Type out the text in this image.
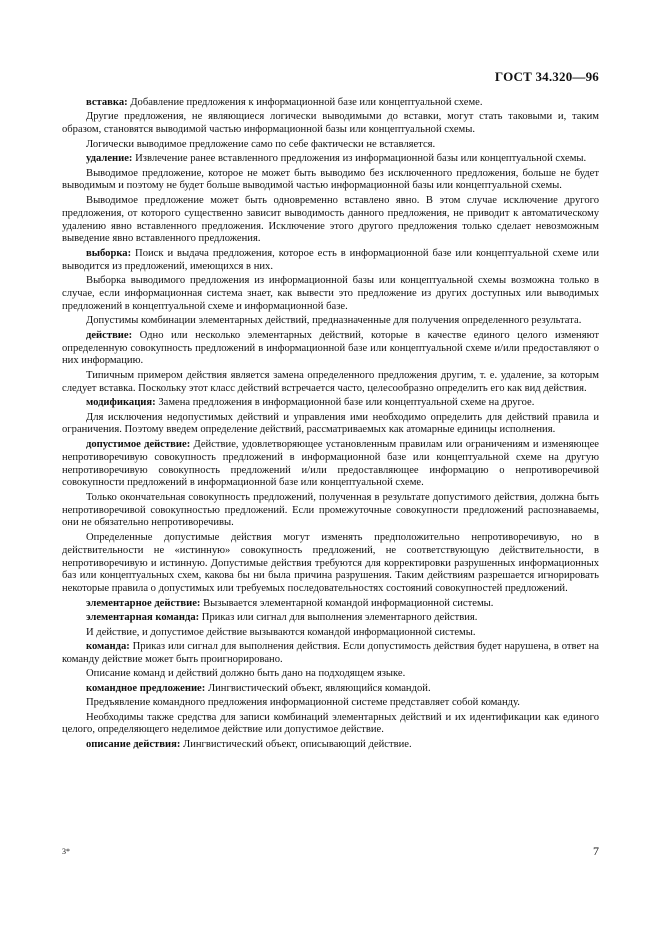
ГОСТ 34.320—96

вставка: Добавление предложения к информационной базе или концептуальной схеме.

Другие предложения, не являющиеся логически выводимыми до вставки, могут стать таковыми и, таким образом, становятся выводимой частью информационной базы или концептуальной схемы.

Логически выводимое предложение само по себе фактически не вставляется.

удаление: Извлечение ранее вставленного предложения из информационной базы или концептуальной схемы.

Выводимое предложение, которое не может быть выводимо без исключенного предложения, больше не будет выводимым и поэтому не будет больше выводимой частью информационной базы или концептуальной схемы.

Выводимое предложение может быть одновременно вставлено явно. В этом случае исключение другого предложения, от которого существенно зависит выводимость данного предложения, не приводит к автоматическому удалению явно вставленного предложения. Исключение этого другого предложения только сделает невозможным выведение явно вставленного предложения.

выборка: Поиск и выдача предложения, которое есть в информационной базе или концептуальной схеме или выводится из предложений, имеющихся в них.

Выборка выводимого предложения из информационной базы или концептуальной схемы возможна только в случае, если информационная система знает, как вывести это предложение из других доступных или выводимых предложений в концептуальной схеме и информационной базе.

Допустимы комбинации элементарных действий, предназначенные для получения определенного результата.

действие: Одно или несколько элементарных действий, которые в качестве единого целого изменяют определенную совокупность предложений в информационной базе или концептуальной схеме и/или предоставляют о них информацию.

Типичным примером действия является замена определенного предложения другим, т. е. удаление, за которым следует вставка. Поскольку этот класс действий встречается часто, целесообразно определить его как вид действия.

модификация: Замена предложения в информационной базе или концептуальной схеме на другое.

Для исключения недопустимых действий и управления ими необходимо определить для действий правила и ограничения. Поэтому введем определение действий, рассматриваемых как атомарные единицы исполнения.

допустимое действие: Действие, удовлетворяющее установленным правилам или ограничениям и изменяющее непротиворечивую совокупность предложений в информационной базе или концептуальной схеме на другую непротиворечивую совокупность предложений и/или предоставляющее информацию о непротиворечивой совокупности предложений в информационной базе или концептуальной схеме.

Только окончательная совокупность предложений, полученная в результате допустимого действия, должна быть непротиворечивой совокупностью предложений. Если промежуточные совокупности предложений распознаваемы, они не обязательно непротиворечивы.

Определенные допустимые действия могут изменять предположительно непротиворечивую, но в действительности не «истинную» совокупность предложений, не соответствующую действительности, в непротиворечивую и истинную. Допустимые действия требуются для корректировки разрушенных информационных баз или концептуальных схем, какова бы ни была причина разрушения. Таким действиям разрешается игнорировать некоторые правила о допустимых или требуемых последовательностях состояний совокупностей предложений.

элементарное действие: Вызывается элементарной командой информационной системы.

элементарная команда: Приказ или сигнал для выполнения элементарного действия.

И действие, и допустимое действие вызываются командой информационной системы.

команда: Приказ или сигнал для выполнения действия. Если допустимость действия будет нарушена, в ответ на команду действие может быть проигнорировано.

Описание команд и действий должно быть дано на подходящем языке.

командное предложение: Лингвистический объект, являющийся командой.

Предъявление командного предложения информационной системе представляет собой команду.

Необходимы также средства для записи комбинаций элементарных действий и их идентификации как единого целого, определяющего неделимое действие или допустимое действие.

описание действия: Лингвистический объект, описывающий действие.

3*	7
